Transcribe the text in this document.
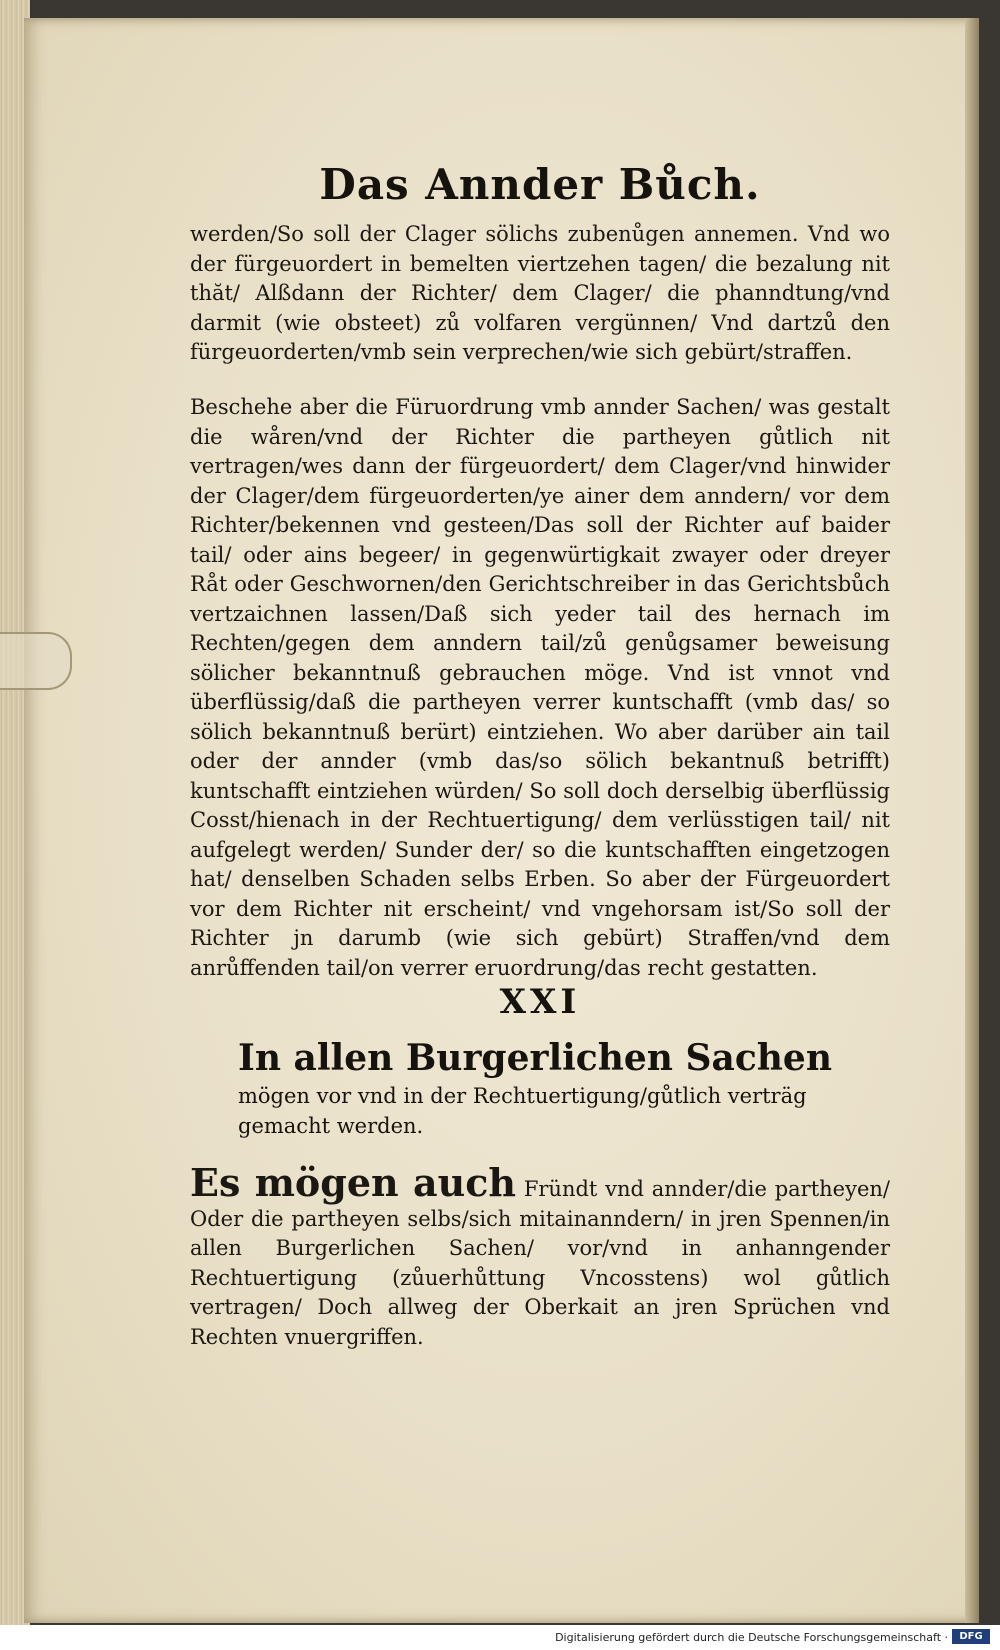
Das Annder Bůch.

werden/So soll der Clager sölichs zubenůgen annemen. Vnd wo der fürgeuordert in bemelten viertzehen tagen/ die bezalung nit thăt/ Alßdann der Richter/ dem Clager/ die phanndtung/vnd darmit (wie obsteet) zů volfaren vergünnen/ Vnd dartzů den fürgeuorderten/vmb sein verprechen/wie sich gebürt/straffen.

Beschehe aber die Füruordrung vmb annder Sachen/ was gestalt die wåren/vnd der Richter die partheyen gůtlich nit vertragen/wes dann der fürgeuordert/ dem Clager/vnd hinwider der Clager/dem fürgeuorderten/ye ainer dem anndern/ vor dem Richter/bekennen vnd gesteen/Das soll der Richter auf baider tail/ oder ains begeer/ in gegenwürtigkait zwayer oder dreyer Råt oder Geschwornen/den Gerichtschreiber in das Gerichtsbůch vertzaichnen lassen/Daß sich yeder tail des hernach im Rechten/gegen dem anndern tail/zů genůgsamer beweisung sölicher bekanntnuß gebrauchen möge. Vnd ist vnnot vnd überflüssig/daß die partheyen verrer kuntschafft (vmb das/ so sölich bekanntnuß berürt) eintziehen. Wo aber darüber ain tail oder der annder (vmb das/so sölich bekantnuß betrifft) kuntschafft eintziehen würden/ So soll doch derselbig überflüssig Cosst/hienach in der Rechtuertigung/ dem verlüsstigen tail/ nit aufgelegt werden/ Sunder der/ so die kuntschafften eingetzogen hat/ denselben Schaden selbs Erben. So aber der Fürgeuordert vor dem Richter nit erscheint/ vnd vngehorsam ist/So soll der Richter jn darumb (wie sich gebürt) Straffen/vnd dem anrůffenden tail/on verrer eruordrung/das recht gestatten.

XXI
In allen Burgerlichen Sachen
mögen vor vnd in der Rechtuertigung/gůtlich verträg gemacht werden.

Es mögen auch Fründt vnd annder/die partheyen/ Oder die partheyen selbs/sich mitainanndern/ in jren Spennen/in allen Burgerlichen Sachen/ vor/vnd in anhanngender Rechtuertigung (zůuerhůttung Vncosstens) wol gůtlich vertragen/ Doch allweg der Oberkait an jren Sprüchen vnd Rechten vnuergriffen.

Digitalisierung gefördert durch die Deutsche Forschungsgemeinschaft ·	DFG
